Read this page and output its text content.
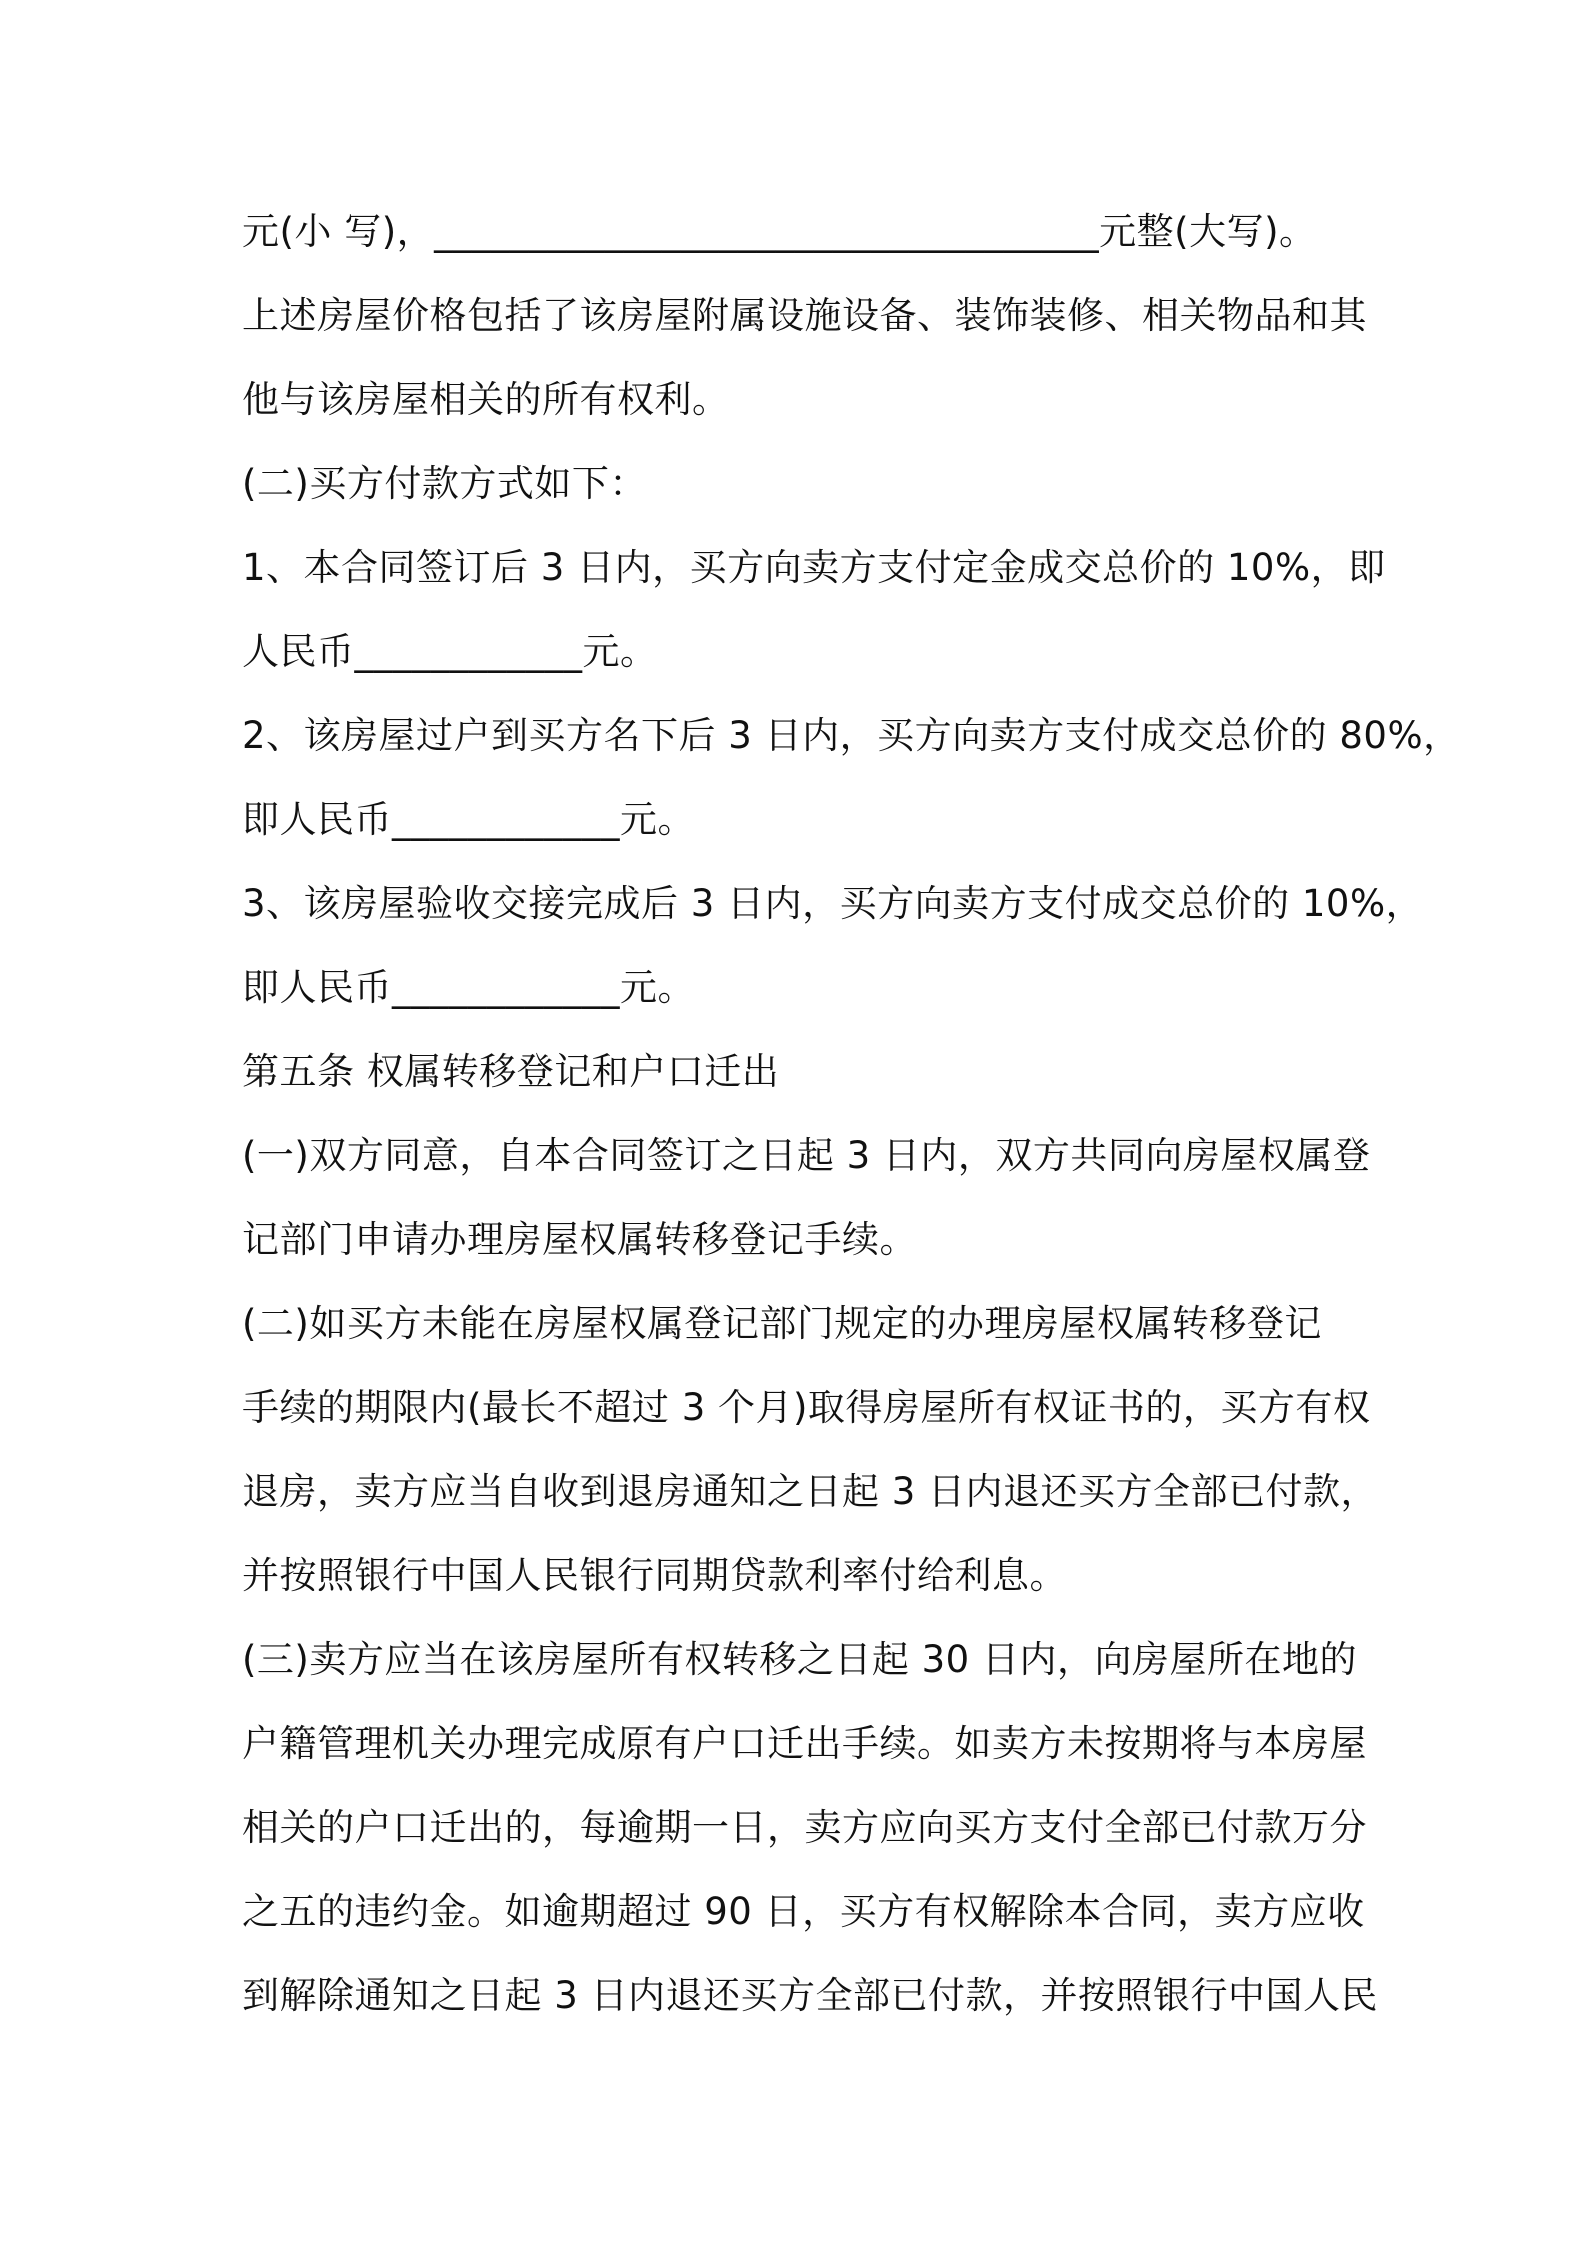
元(小 写)，___________________________________元整(大写)。
上述房屋价格包括了该房屋附属设施设备、装饰装修、相关物品和其
他与该房屋相关的所有权利。
(二)买方付款方式如下：
1、本合同签订后 3 日内，买方向卖方支付定金成交总价的 10%，即
人民币____________元。
2、该房屋过户到买方名下后 3 日内，买方向卖方支付成交总价的 80%，
即人民币____________元。
3、该房屋验收交接完成后 3 日内，买方向卖方支付成交总价的 10%，
即人民币____________元。
第五条 权属转移登记和户口迁出
(一)双方同意，自本合同签订之日起 3 日内，双方共同向房屋权属登
记部门申请办理房屋权属转移登记手续。
(二)如买方未能在房屋权属登记部门规定的办理房屋权属转移登记
手续的期限内(最长不超过 3 个月)取得房屋所有权证书的，买方有权
退房，卖方应当自收到退房通知之日起 3 日内退还买方全部已付款，
并按照银行中国人民银行同期贷款利率付给利息。
(三)卖方应当在该房屋所有权转移之日起 30 日内，向房屋所在地的
户籍管理机关办理完成原有户口迁出手续。如卖方未按期将与本房屋
相关的户口迁出的，每逾期一日，卖方应向买方支付全部已付款万分
之五的违约金。如逾期超过 90 日，买方有权解除本合同，卖方应收
到解除通知之日起 3 日内退还买方全部已付款，并按照银行中国人民
